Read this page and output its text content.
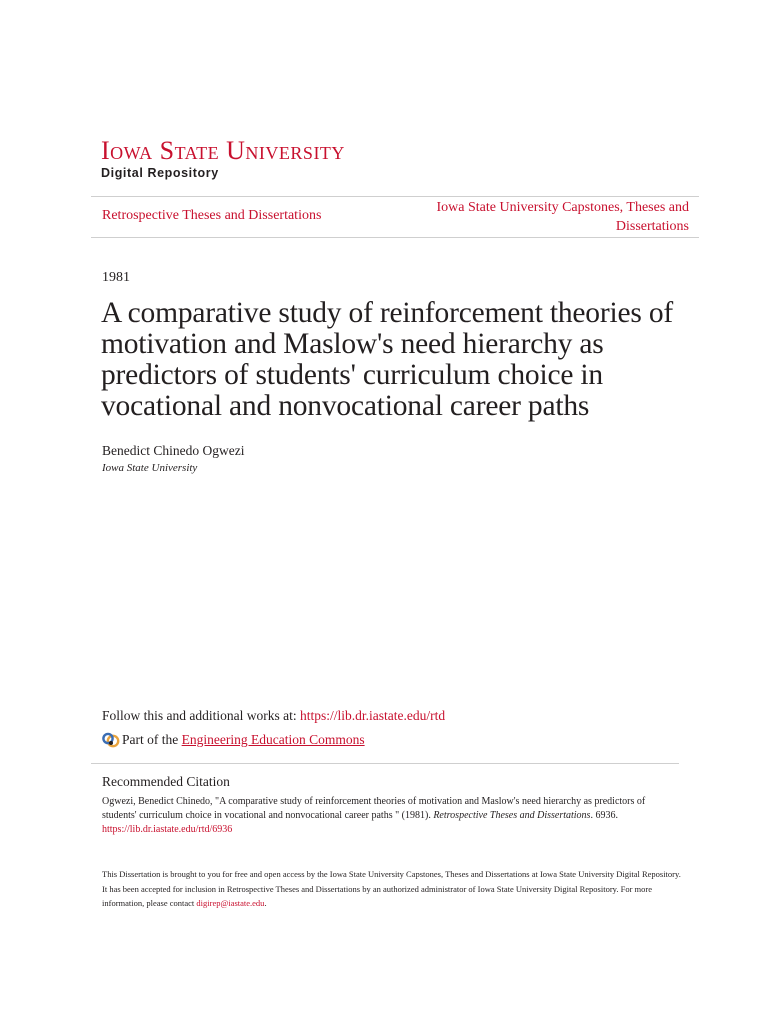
Iowa State University
Digital Repository
Retrospective Theses and Dissertations
Iowa State University Capstones, Theses and Dissertations
1981
A comparative study of reinforcement theories of
motivation and Maslow's need hierarchy as
predictors of students' curriculum choice in
vocational and nonvocational career paths
Benedict Chinedo Ogwezi
Iowa State University
Follow this and additional works at: https://lib.dr.iastate.edu/rtd
Part of the
Engineering Education Commons
Recommended Citation
Ogwezi, Benedict Chinedo, "A comparative study of reinforcement theories of motivation and Maslow's need hierarchy as predictors of students' curriculum choice in vocational and nonvocational career paths " (1981). Retrospective Theses and Dissertations. 6936.
https://lib.dr.iastate.edu/rtd/6936
This Dissertation is brought to you for free and open access by the Iowa State University Capstones, Theses and Dissertations at Iowa State University Digital Repository. It has been accepted for inclusion in Retrospective Theses and Dissertations by an authorized administrator of Iowa State University Digital Repository. For more information, please contact digirep@iastate.edu.
